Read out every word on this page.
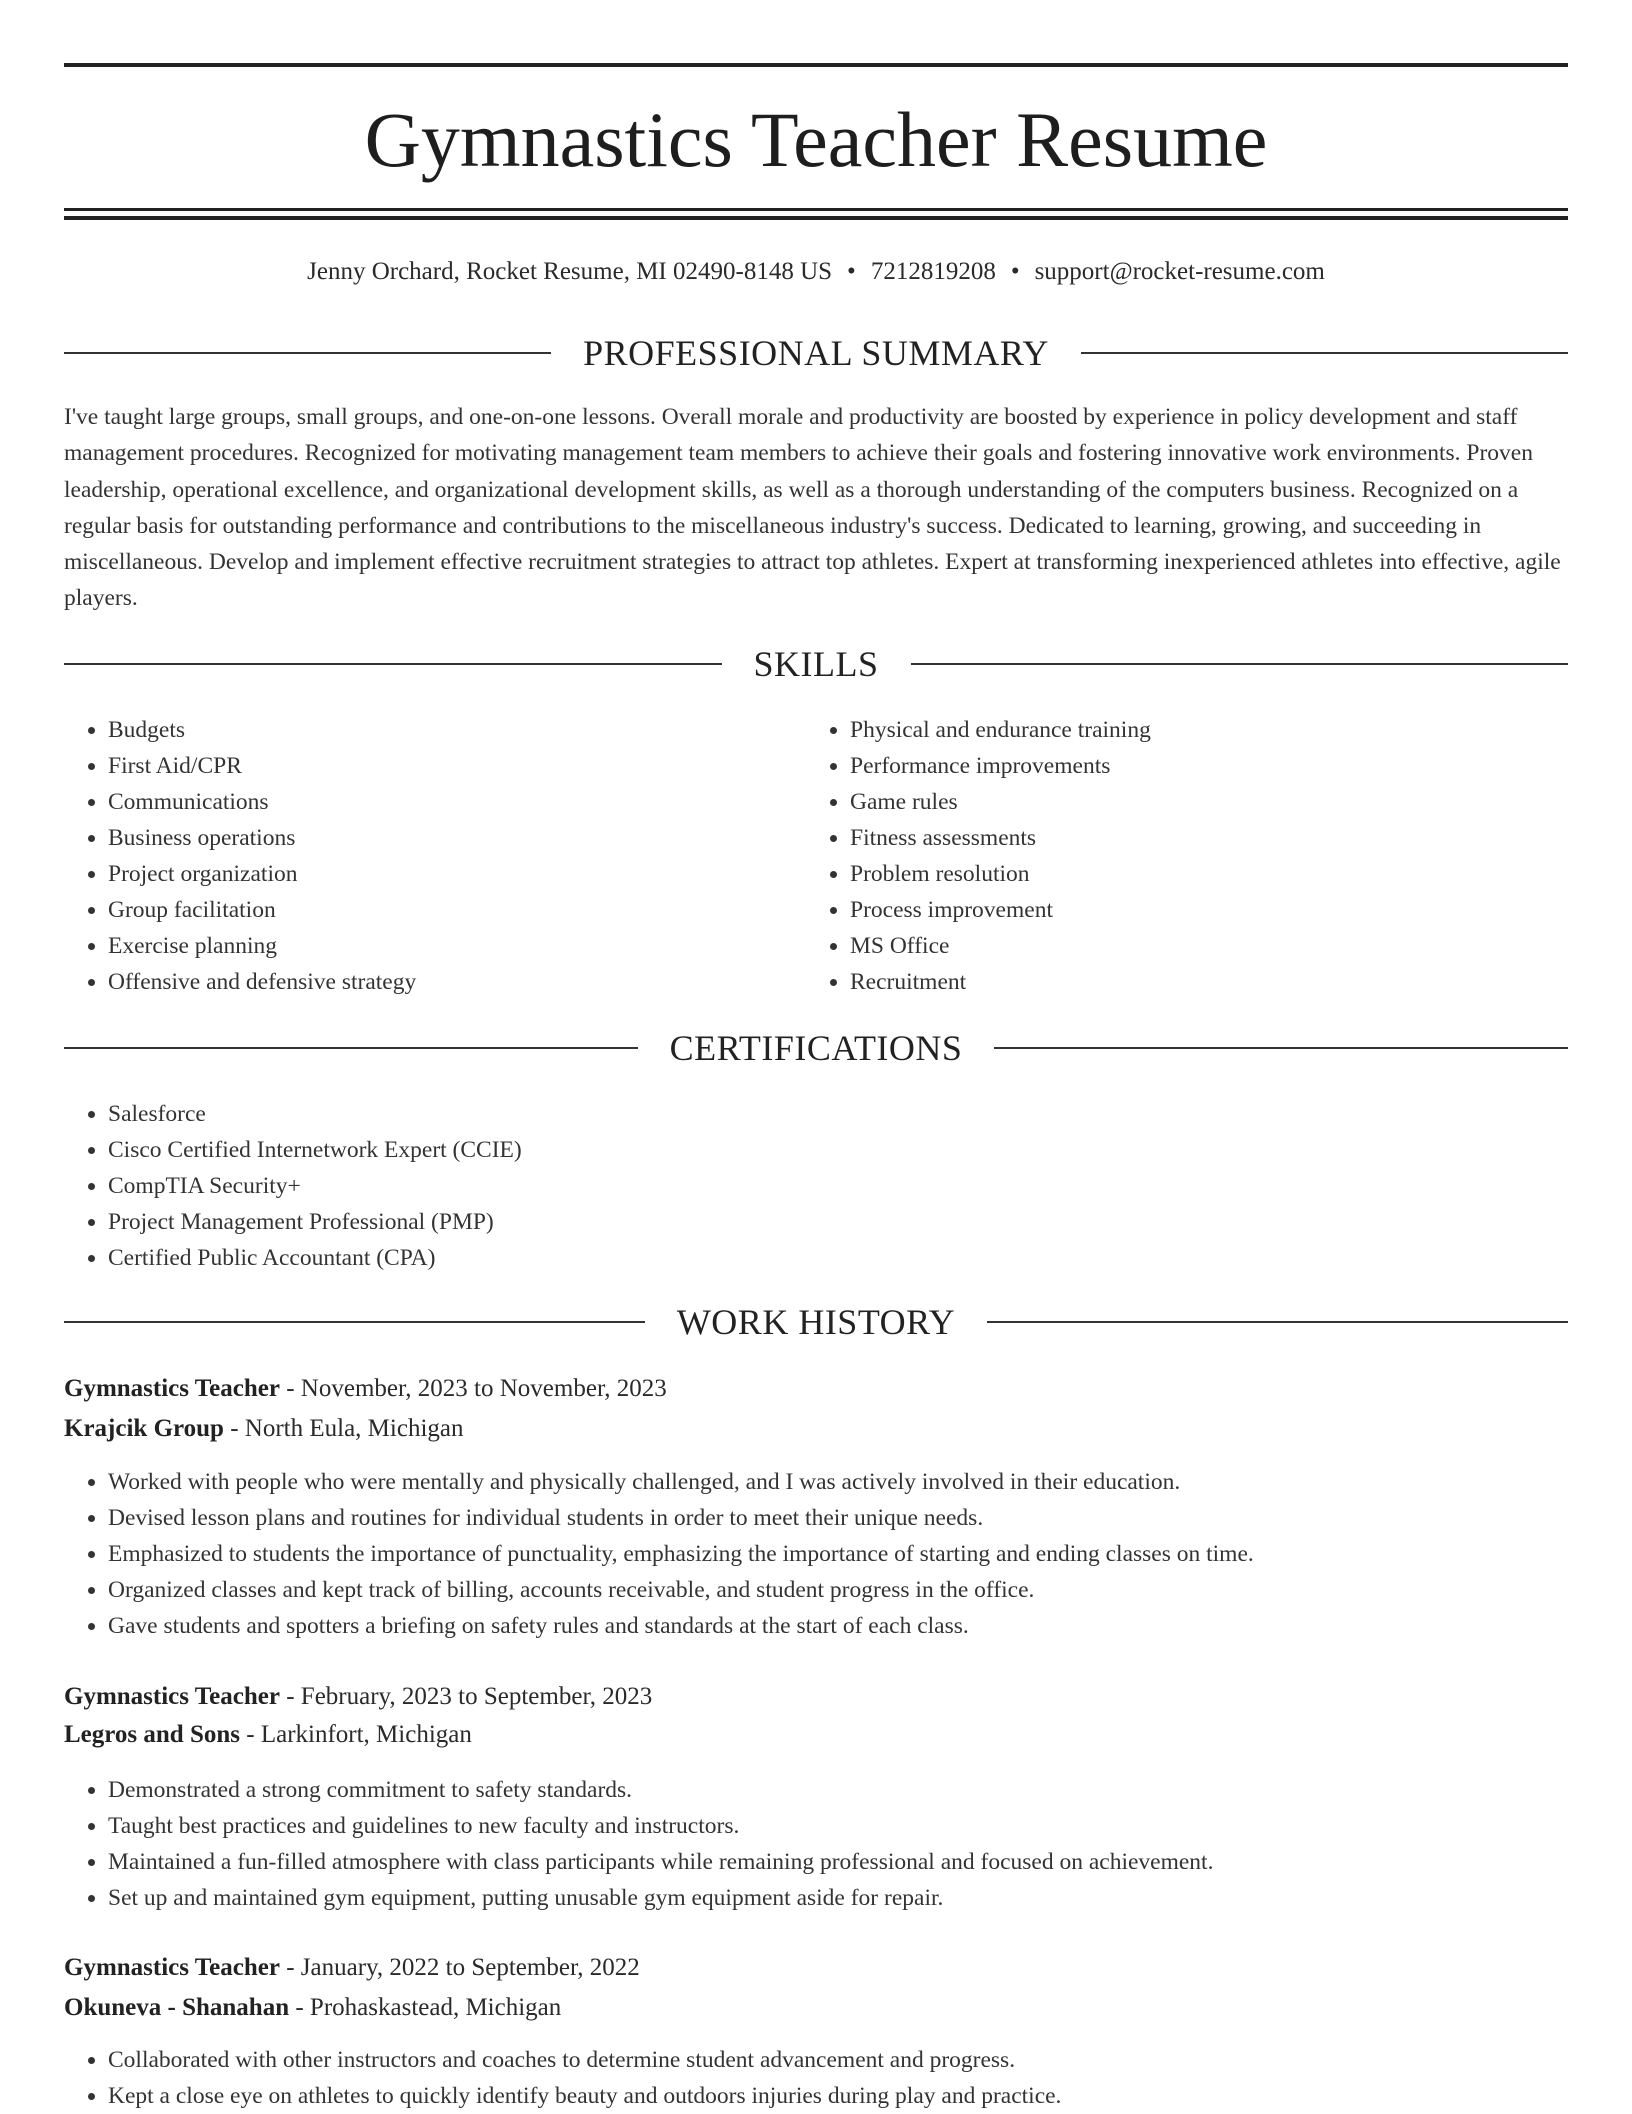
Gymnastics Teacher Resume
Jenny Orchard, Rocket Resume, MI 02490-8148 US • 7212819208 • support@rocket-resume.com
PROFESSIONAL SUMMARY

I've taught large groups, small groups, and one-on-one lessons. Overall morale and productivity are boosted by experience in policy development and staff management procedures. Recognized for motivating management team members to achieve their goals and fostering innovative work environments. Proven leadership, operational excellence, and organizational development skills, as well as a thorough understanding of the computers business. Recognized on a regular basis for outstanding performance and contributions to the miscellaneous industry's success. Dedicated to learning, growing, and succeeding in miscellaneous. Develop and implement effective recruitment strategies to attract top athletes. Expert at transforming inexperienced athletes into effective, agile players.

SKILLS
• Budgets
• First Aid/CPR
• Communications
• Business operations
• Project organization
• Group facilitation
• Exercise planning
• Offensive and defensive strategy
• Physical and endurance training
• Performance improvements
• Game rules
• Fitness assessments
• Problem resolution
• Process improvement
• MS Office
• Recruitment
CERTIFICATIONS
• Salesforce
• Cisco Certified Internetwork Expert (CCIE)
• CompTIA Security+
• Project Management Professional (PMP)
• Certified Public Accountant (CPA)
WORK HISTORY
Gymnastics Teacher - November, 2023 to November, 2023
Krajcik Group - North Eula, Michigan
• Worked with people who were mentally and physically challenged, and I was actively involved in their education.
• Devised lesson plans and routines for individual students in order to meet their unique needs.
• Emphasized to students the importance of punctuality, emphasizing the importance of starting and ending classes on time.
• Organized classes and kept track of billing, accounts receivable, and student progress in the office.
• Gave students and spotters a briefing on safety rules and standards at the start of each class.
Gymnastics Teacher - February, 2023 to September, 2023
Legros and Sons - Larkinfort, Michigan
• Demonstrated a strong commitment to safety standards.
• Taught best practices and guidelines to new faculty and instructors.
• Maintained a fun-filled atmosphere with class participants while remaining professional and focused on achievement.
• Set up and maintained gym equipment, putting unusable gym equipment aside for repair.
Gymnastics Teacher - January, 2022 to September, 2022
Okuneva - Shanahan - Prohaskastead, Michigan
• Collaborated with other instructors and coaches to determine student advancement and progress.
• Kept a close eye on athletes to quickly identify beauty and outdoors injuries during play and practice.
